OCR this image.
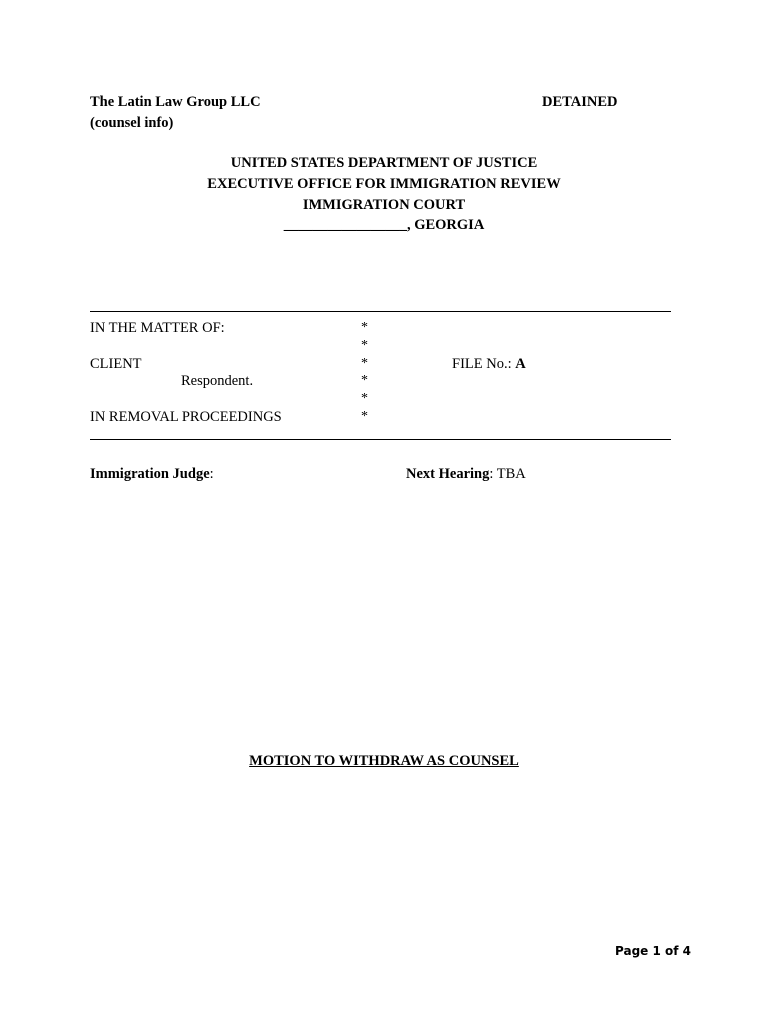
The Latin Law Group LLC
(counsel info)
DETAINED
UNITED STATES DEPARTMENT OF JUSTICE
EXECUTIVE OFFICE FOR IMMIGRATION REVIEW
IMMIGRATION COURT
_________________, GEORGIA
IN THE MATTER OF:
CLIENT
Respondent.
IN REMOVAL PROCEEDINGS
*
*
*
*
*
*
FILE No.: A
Immigration Judge:	Next Hearing: TBA
MOTION TO WITHDRAW AS COUNSEL
Page 1 of 4
